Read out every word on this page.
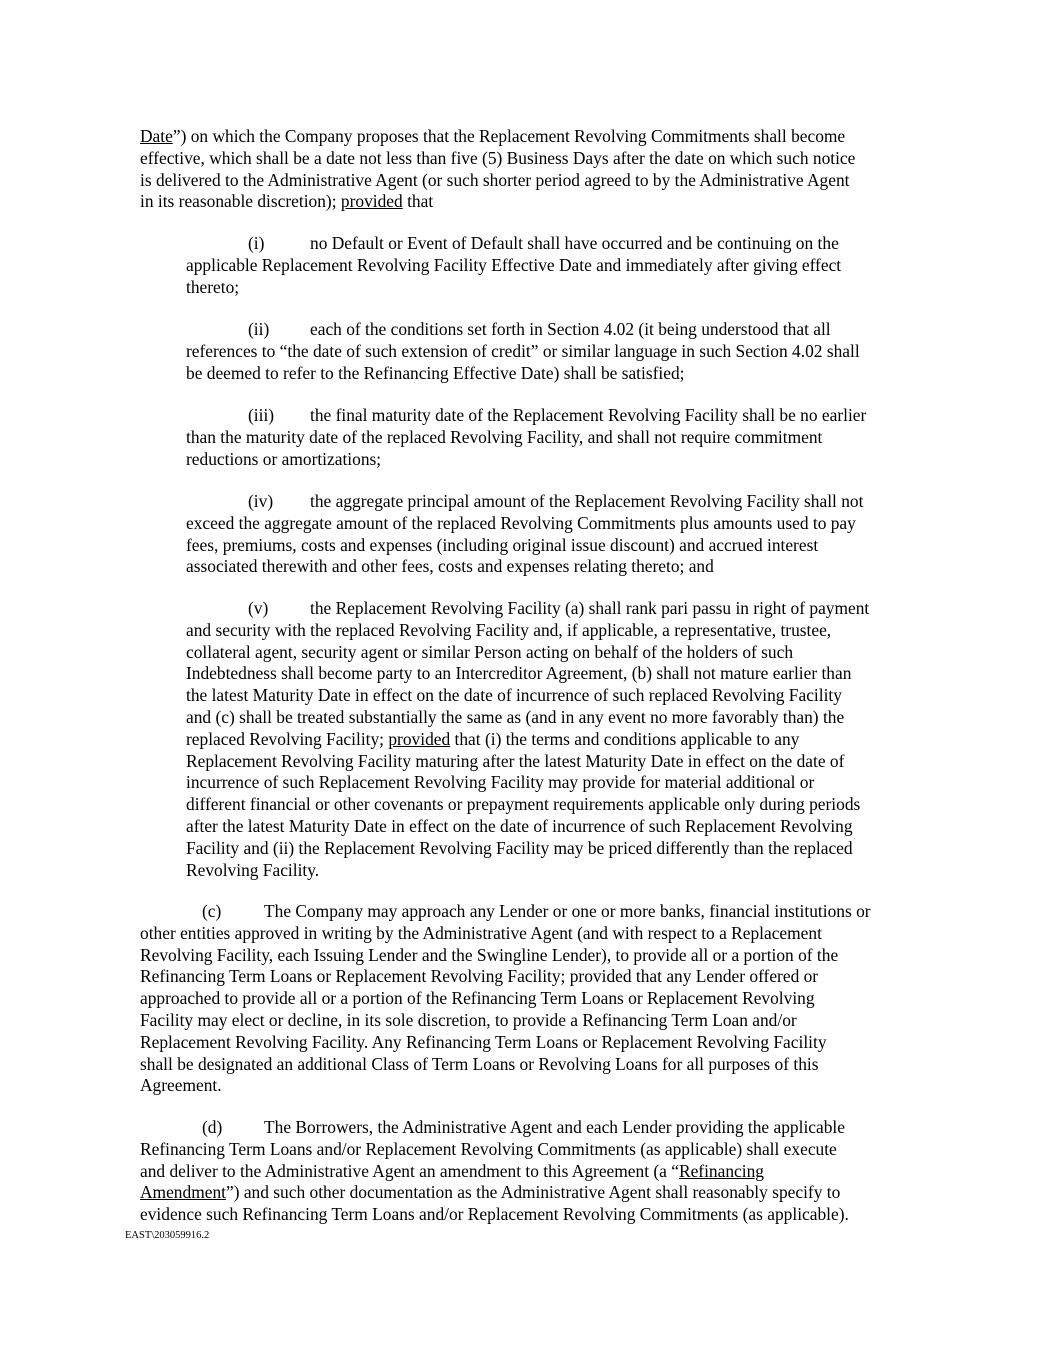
Date”) on which the Company proposes that the Replacement Revolving Commitments shall become
effective, which shall be a date not less than five (5) Business Days after the date on which such notice
is delivered to the Administrative Agent (or such shorter period agreed to by the Administrative Agent
in its reasonable discretion); provided that
(i)	no Default or Event of Default shall have occurred and be continuing on the
applicable Replacement Revolving Facility Effective Date and immediately after giving effect
thereto;
(ii) each of the conditions set forth in Section 4.02 (it being understood that all
references to “the date of such extension of credit” or similar language in such Section 4.02 shall
be deemed to refer to the Refinancing Effective Date) shall be satisfied;
(iii) the final maturity date of the Replacement Revolving Facility shall be no earlier
than the maturity date of the replaced Revolving Facility, and shall not require commitment
reductions or amortizations;
(iv) the aggregate principal amount of the Replacement Revolving Facility shall not
exceed the aggregate amount of the replaced Revolving Commitments plus amounts used to pay
fees, premiums, costs and expenses (including original issue discount) and accrued interest
associated therewith and other fees, costs and expenses relating thereto; and
(v) the Replacement Revolving Facility (a) shall rank pari passu in right of payment
and security with the replaced Revolving Facility and, if applicable, a representative, trustee,
collateral agent, security agent or similar Person acting on behalf of the holders of such
Indebtedness shall become party to an Intercreditor Agreement, (b) shall not mature earlier than
the latest Maturity Date in effect on the date of incurrence of such replaced Revolving Facility
and (c) shall be treated substantially the same as (and in any event no more favorably than) the
replaced Revolving Facility; provided that (i) the terms and conditions applicable to any
Replacement Revolving Facility maturing after the latest Maturity Date in effect on the date of
incurrence of such Replacement Revolving Facility may provide for material additional or
different financial or other covenants or prepayment requirements applicable only during periods
after the latest Maturity Date in effect on the date of incurrence of such Replacement Revolving
Facility and (ii) the Replacement Revolving Facility may be priced differently than the replaced
Revolving Facility.
(c) The Company may approach any Lender or one or more banks, financial institutions or
other entities approved in writing by the Administrative Agent (and with respect to a Replacement
Revolving Facility, each Issuing Lender and the Swingline Lender), to provide all or a portion of the
Refinancing Term Loans or Replacement Revolving Facility; provided that any Lender offered or
approached to provide all or a portion of the Refinancing Term Loans or Replacement Revolving
Facility may elect or decline, in its sole discretion, to provide a Refinancing Term Loan and/or
Replacement Revolving Facility. Any Refinancing Term Loans or Replacement Revolving Facility
shall be designated an additional Class of Term Loans or Revolving Loans for all purposes of this
Agreement.
(d) The Borrowers, the Administrative Agent and each Lender providing the applicable
Refinancing Term Loans and/or Replacement Revolving Commitments (as applicable) shall execute
and deliver to the Administrative Agent an amendment to this Agreement (a “Refinancing
Amendment”) and such other documentation as the Administrative Agent shall reasonably specify to
evidence such Refinancing Term Loans and/or Replacement Revolving Commitments (as applicable).
EAST\203059916.2
